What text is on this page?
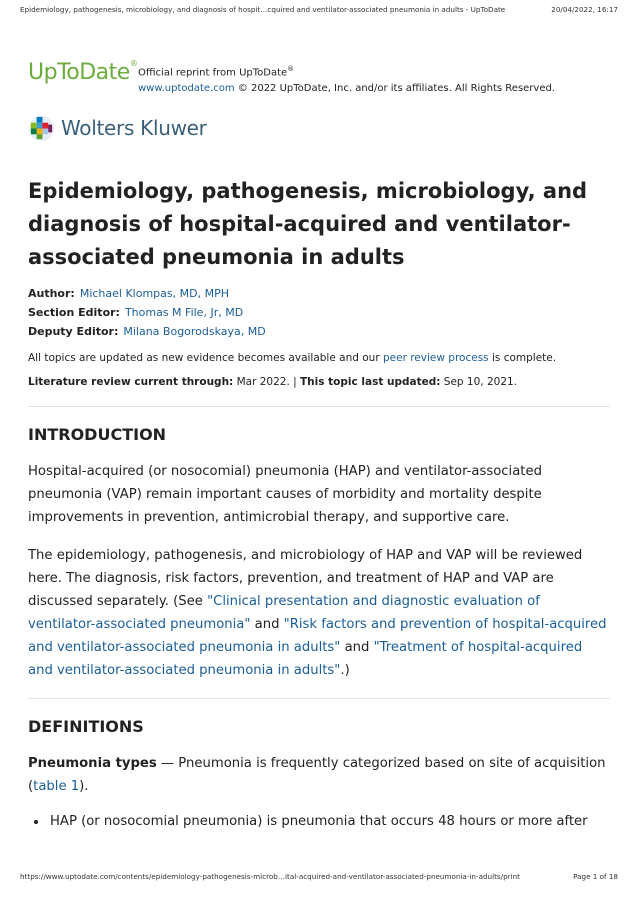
Epidemiology, pathogenesis, microbiology, and diagnosis of hospit…cquired and ventilator-associated pneumonia in adults - UpToDate	20/04/2022, 16:17
UpToDate®
Official reprint from UpToDate®
www.uptodate.com © 2022 UpToDate, Inc. and/or its affiliates. All Rights Reserved.
Wolters Kluwer
Epidemiology, pathogenesis, microbiology, and diagnosis of hospital-acquired and ventilator-associated pneumonia in adults
Author: Michael Klompas, MD, MPH
Section Editor: Thomas M File, Jr, MD
Deputy Editor: Milana Bogorodskaya, MD
All topics are updated as new evidence becomes available and our peer review process is complete.
Literature review current through: Mar 2022. | This topic last updated: Sep 10, 2021.
INTRODUCTION

Hospital-acquired (or nosocomial) pneumonia (HAP) and ventilator-associated pneumonia (VAP) remain important causes of morbidity and mortality despite improvements in prevention, antimicrobial therapy, and supportive care.

The epidemiology, pathogenesis, and microbiology of HAP and VAP will be reviewed here. The diagnosis, risk factors, prevention, and treatment of HAP and VAP are discussed separately. (See "Clinical presentation and diagnostic evaluation of ventilator-associated pneumonia" and "Risk factors and prevention of hospital-acquired and ventilator-associated pneumonia in adults" and "Treatment of hospital-acquired and ventilator-associated pneumonia in adults".)

DEFINITIONS

Pneumonia types — Pneumonia is frequently categorized based on site of acquisition (table 1).

• HAP (or nosocomial pneumonia) is pneumonia that occurs 48 hours or more after
https://www.uptodate.com/contents/epidemiology-pathogenesis-microb…ital-acquired-and-ventilator-associated-pneumonia-in-adults/print	Page 1 of 18
